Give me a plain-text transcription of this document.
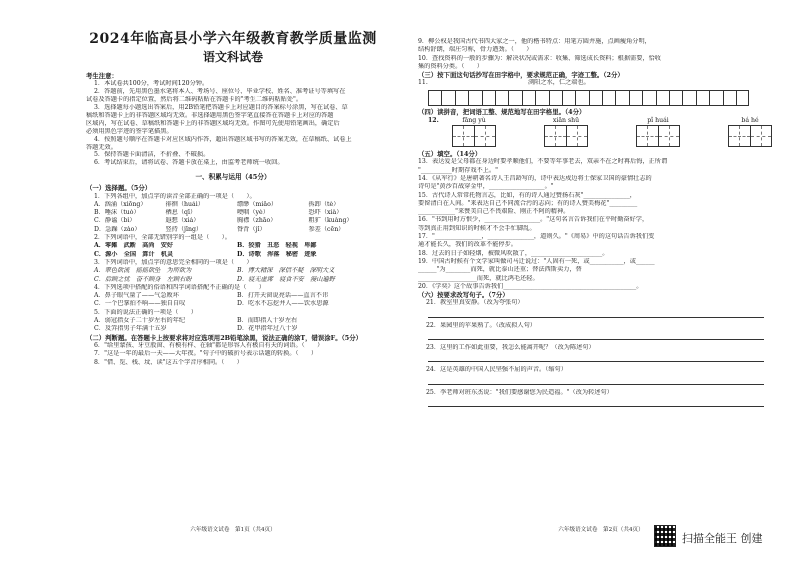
2024年临高县小学六年级教育教学质量监测
语文科试卷
考生注意：
1．本试卷共100分，考试时间120分钟。
2．答题前，先用黑色墨水笔将本人、考场号、座位号、毕业学校、姓名、准考证号等填写在
试卷及答题卡的指定位置，然后将二维码粘贴在答题卡的"考生二维码粘贴处"。
3．选择题每小题选出答案后，用2B铅笔把答题卡上对应题目的答案标号涂黑，写在试卷、草
稿纸和答题卡上的非答题区域均无效。非选择题用黑色签字笔直接答在答题卡上对应的答题
区域内，写在试卷、草稿纸和答题卡上的非答题区域均无效。作图可先使用铅笔画出，确定后
必须用黑色字迹的签字笔描黑。
4．按照题号顺序在答题卡对应区域内作答，超出答题区域书写的答案无效，在草稿纸、试卷上
答题无效。
5．保持答题卡面清洁，不折叠、不破损。
6．考试结束后，请将试卷、答题卡放在桌上，由监考老师统一收回。
一、积累与运用（45分）
（一）选择题。（5分）
1．下列各组中，加点字的读音全部正确的一项是（　　）。
A．汹涌（xiōng）	徘徊（huái）	缥缈（miǎo）	拆卸（tè）
B．唾沫（tuò）	栖息（qī）	哽咽（yè）	恐吓（xià）
C．静谧（bì）	遐想（xiá）	胸襟（zhāo）	粗犷（kuàng）
D．急躁（zào）	竖持（jīng）	脊背（jǐ）	参差（cēn）
2．下列词语中，全部无错别字的一组是（　　）。
A．零摊　 武断　 高尚　 安好	B．狡猾　 丑恶　 轻视　 卑鄙
C．源小　 全国　 算计　 机灵	D．诗歌　 浑落　 秘密　 迹象
3．下列词语中，加点字的意思完全相同的一项是（　　）
A．翠色欲流　 摇摇欲坠　 为所欲为	B．博大精深　 深信不疑　 深明大义
C．后顾之忧　 奋不顾身　 左顾右盼	D．寝无虚席　 寝食不安　 漫山遍野
4．下列选项中搭配的俗语和四字词语搭配不正确的是（　　）
A．鼻子眼气量了——气急败坏	B．打开天窗说亮话——直言不讳
C．一个巴掌拍不响——独自自叹	D．吃水不忘挖井人——饮水思源
5．下面的说法正确的一项是（　　）
A．弱冠指女子二十岁左右的年纪	B．而即指人十岁左右
C．及笄指男子年满十五岁	D．花甲指年过八十岁
（二）判断题。在答题卡上按要求将对应选项用2B铅笔涂黑，说法正确的涂T，错误涂F。（5分）
6．"给里蒙孩、牙豆股窗、有模有样、在轴"都是形容人有极自有天的词语。（　　）
7．"这是一年的最后一天——大年夜。"句子中的破折号表示话题的转换。（　　）
8．"借、览、栈、坟、读"这五个字音序相同。（　　）
六年级语文试卷　第1页（共4页）
9．柳公权是我国古代书四大家之一，他的楷书特点：用笔方圆并施，点画瘦角分明，
结构舒朗，端庄匀称，骨力遒劲。（　　）
10．查找资料的一般的步骤为：解决状况或需求：收集、筛选成长资料；根据需要，恰收
集的资料分类。（　　）
（三）按下面这句话抄写在田字格中，要求规范正确，字迹工整。（2分）
11.	浏阳之水，仁之端也。
（四）读拼音，把词语工整、规范地写在田字格里。（4分）
12.	fāng yù	xiān shū	pǐ huái	bá hé
（五）填空。（14分）
13．表达爱是父母都在身边时要孝顺他们，不要等年事老去，双亲不在之时再后悔，正所谓
"__________时期存戏不上。"
14．《从军行》是唐朝著名诗人王昌龄写的，诗中表达戍边将士保家卫国的豪情壮志的
诗句是"黄沙百战穿金甲，__________________。"
15．古代诗人常常托物言志，比如，有的诗人通过赞扬石灰"_______________，
要留清白在人间。"来表达自己不同流合污的志向；有的诗人赞美梅花"_________
____________"来赞美自己不畏艰险、刚正不阿的精神。
16．"书到用时方恨少，__________________。"这句名言告诉我们在平时勤奋好学，
等到真正用到知识的时候才不会手忙脚乱。
17．"_______________，_______________，道则久。"《周易》中的这句话告诉我们变
通才能长久，我们的改革不能停步。
18．过去的日子如轻烟，被微风吹散了，_______________________。
19．中国古时候有个文学家叫做司马迁说过："人固有一死，或___________，或______
______"为________而死，就比泰山还重；替法西斯卖力，替
___________________而死，就比鸿毛还轻。
20．《学奕》这个故事告诉我们___________________________________________。
（六）按要求改写句子。（7分）
21．教室里真安静。（改为夸张句）
22．果园里的苹果熟了。（改成拟人句）
23．这里的工作如此重要，我怎么能离开呢？（改为陈述句）
24．这是英雄的中国人民坚强不屈的声音。（缩句）
25．李老师对班东杰说："我们要感谢您为民造福。"（改为转述句）
六年级语文试卷　第2页（共4页）
扫描全能王 创建
